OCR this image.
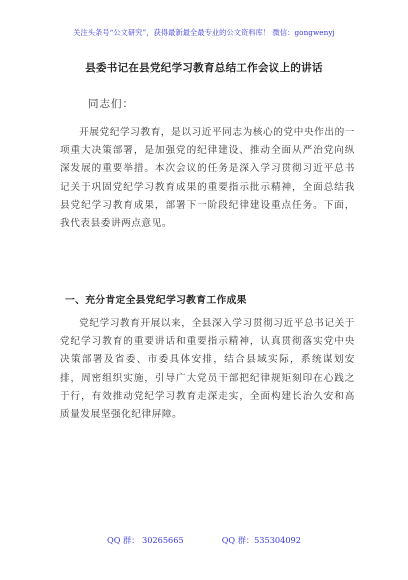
关注头条号“公文研究”，获得最新最全最专业的公文资料库！ 微信：gongwenyj
县委书记在县党纪学习教育总结工作会议上的讲话
同志们：

开展党纪学习教育，是以习近平同志为核心的党中央作出的一项重大决策部署，是加强党的纪律建设、推动全面从严治党向纵深发展的重要举措。本次会议的任务是深入学习贯彻习近平总书记关于巩固党纪学习教育成果的重要指示批示精神，全面总结我县党纪学习教育成果，部署下一阶段纪律建设重点任务。下面，我代表县委讲两点意见。

一、充分肯定全县党纪学习教育工作成果

党纪学习教育开展以来，全县深入学习贯彻习近平总书记关于党纪学习教育的重要讲话和重要指示精神，认真贯彻落实党中央决策部署及省委、市委具体安排，结合县域实际，系统谋划安排，周密组织实施，引导广大党员干部把纪律规矩刻印在心践之于行，有效推动党纪学习教育走深走实，全面构建长治久安和高质量发展坚强化纪律屏障。

QQ 群： 30265665	QQ 群：535304092
